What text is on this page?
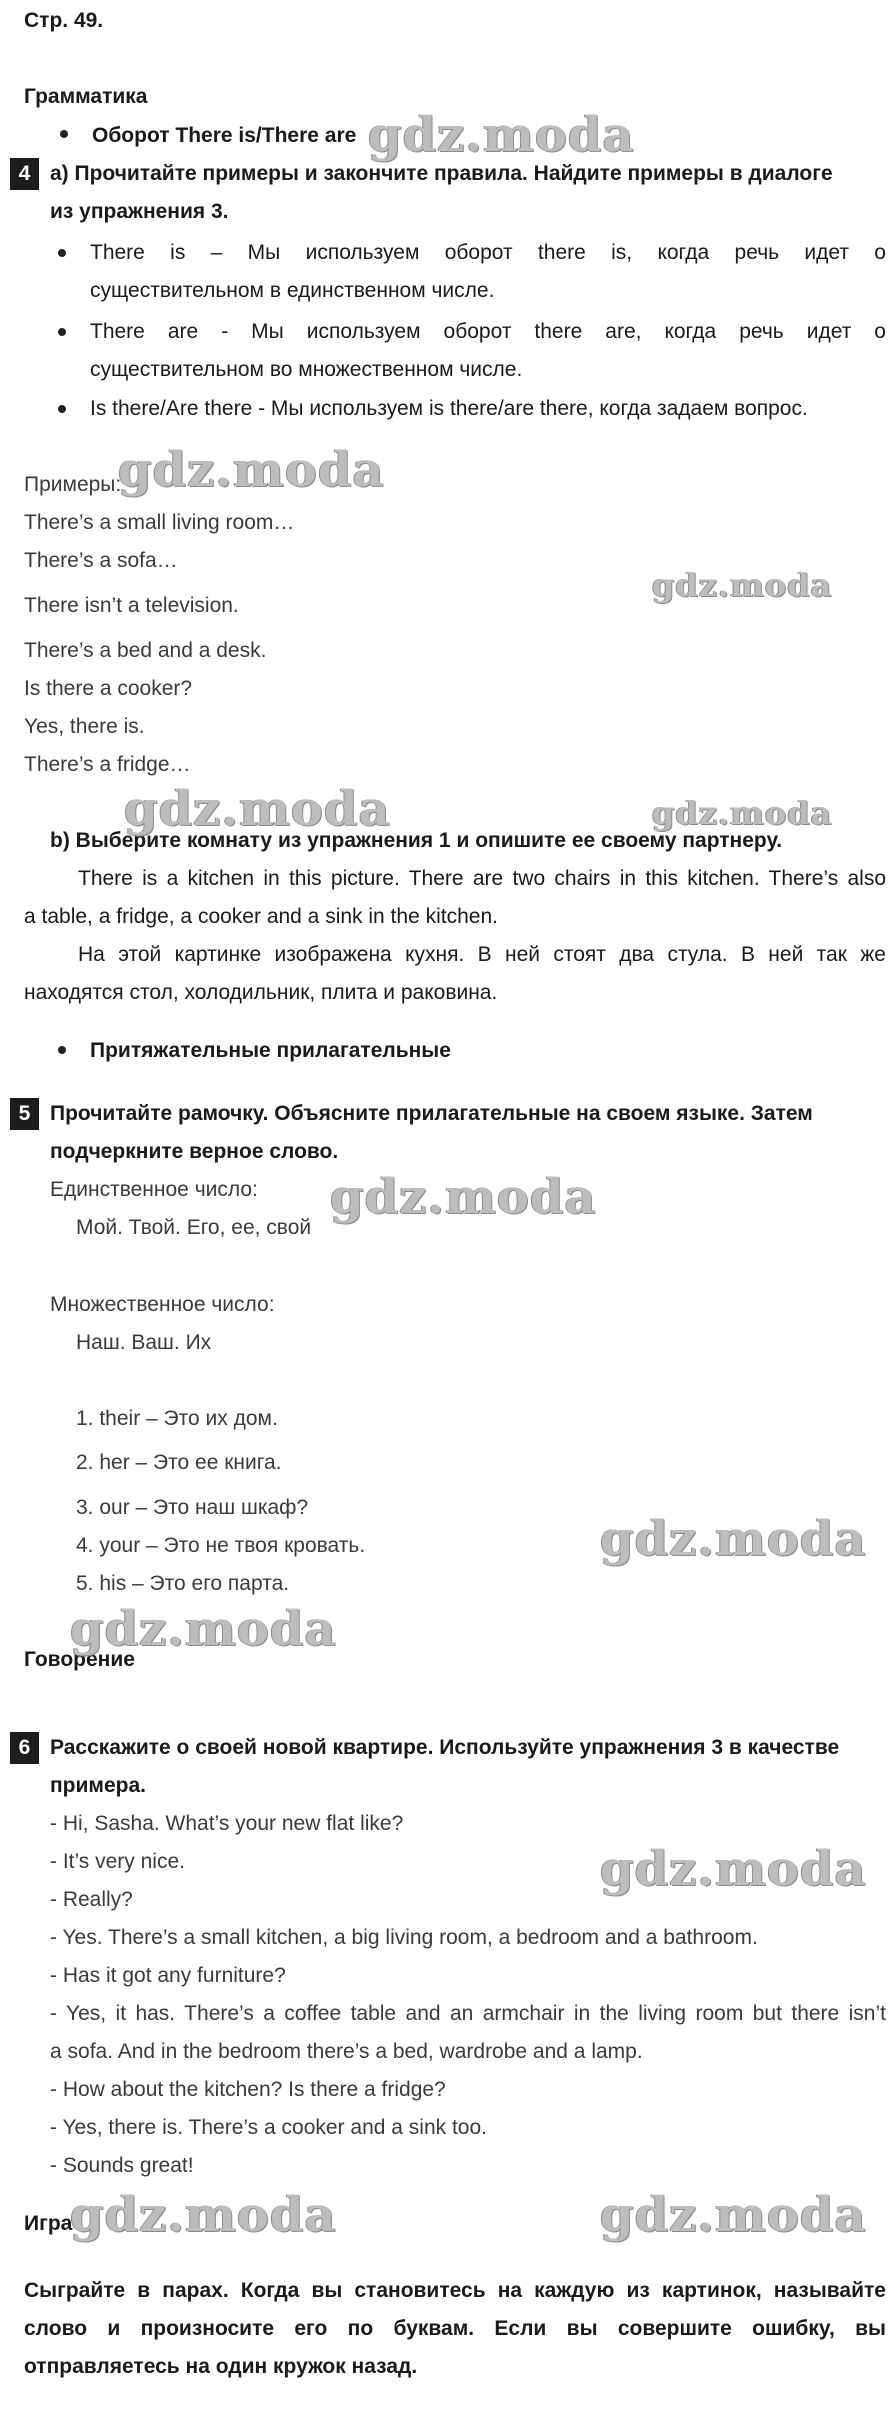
Стр. 49.
Грамматика
Оборот There is/There are
4 a) Прочитайте примеры и закончите правила. Найдите примеры в диалоге
из упражнения 3.
There is – Мы используем оборот there is, когда речь идет о
существительном в единственном числе.
There are - Мы используем оборот there are, когда речь идет о
существительном во множественном числе.
Is there/Are there - Мы используем is there/are there, когда задаем вопрос.
Примеры:
There’s a small living room…
There’s a sofa…
There isn’t a television.
There’s a bed and a desk.
Is there a cooker?
Yes, there is.
There’s a fridge…
b) Выберите комнату из упражнения 1 и опишите ее своему партнеру.
There is a kitchen in this picture. There are two chairs in this kitchen. There’s also
a table, a fridge, a cooker and a sink in the kitchen.
На этой картинке изображена кухня. В ней стоят два стула. В ней так же
находятся стол, холодильник, плита и раковина.
Притяжательные прилагательные
5 Прочитайте рамочку. Объясните прилагательные на своем языке. Затем
подчеркните верное слово.
Единственное число:
Мой. Твой. Его, ее, свой
Множественное число:
Наш. Ваш. Их
1. their – Это их дом.
2. her – Это ее книга.
3. our – Это наш шкаф?
4. your – Это не твоя кровать.
5. his – Это его парта.
Говорение
6 Расскажите о своей новой квартире. Используйте упражнения 3 в качестве
примера.
- Hi, Sasha. What’s your new flat like?
- It’s very nice.
- Really?
- Yes. There’s a small kitchen, a big living room, a bedroom and a bathroom.
- Has it got any furniture?
- Yes, it has. There’s a coffee table and an armchair in the living room but there isn’t
a sofa. And in the bedroom there’s a bed, wardrobe and a lamp.
- How about the kitchen? Is there a fridge?
- Yes, there is. There’s a cooker and a sink too.
- Sounds great!
Игра
Сыграйте в парах. Когда вы становитесь на каждую из картинок, называйте
слово и произносите его по буквам. Если вы совершите ошибку, вы
отправляетесь на один кружок назад.
gdz.moda
gdz.moda
gdz.moda
gdz.moda	gdz.moda
gdz.moda
gdz.moda
gdz.moda
gdz.moda
gdz.moda	gdz.moda
